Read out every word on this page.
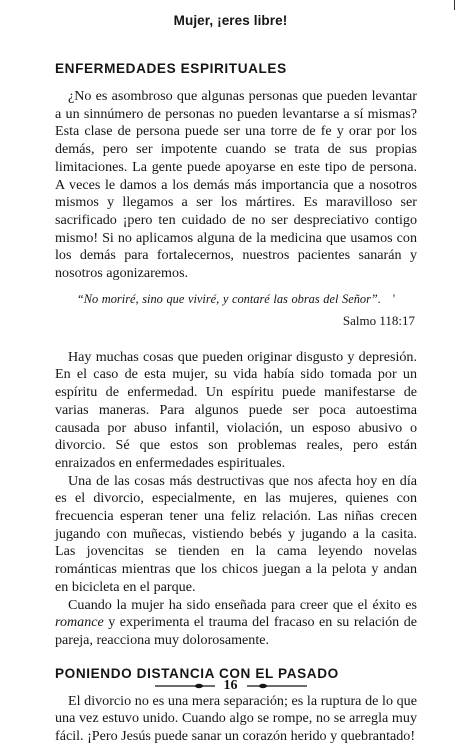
Mujer, ¡eres libre!
ENFERMEDADES ESPIRITUALES

¿No es asombroso que algunas personas que pueden levantar a un sinnúmero de personas no pueden levantarse a sí mismas? Esta clase de persona puede ser una torre de fe y orar por los demás, pero ser impotente cuando se trata de sus propias limitaciones. La gente puede apoyarse en este tipo de persona. A veces le damos a los demás más importancia que a nosotros mismos y llegamos a ser los mártires. Es maravilloso ser sacrificado ¡pero ten cuidado de no ser despreciativo contigo mismo! Si no aplicamos alguna de la medicina que usamos con los demás para fortalecernos, nuestros pacientes sanarán y nosotros agonizaremos.

“No moriré, sino que viviré, y contaré las obras del Señor”. '
Salmo 118:17

Hay muchas cosas que pueden originar disgusto y depresión. En el caso de esta mujer, su vida había sido tomada por un espíritu de enfermedad. Un espíritu puede manifestarse de varias maneras. Para algunos puede ser poca autoestima causada por abuso infantil, violación, un esposo abusivo o divorcio. Sé que estos son problemas reales, pero están enraizados en enfermedades espirituales.

Una de las cosas más destructivas que nos afecta hoy en día es el divorcio, especialmente, en las mujeres, quienes con frecuencia esperan tener una feliz relación. Las niñas crecen jugando con muñecas, vistiendo bebés y jugando a la casita. Las jovencitas se tienden en la cama leyendo novelas románticas mientras que los chicos juegan a la pelota y andan en bicicleta en el parque.

Cuando la mujer ha sido enseñada para creer que el éxito es romance y experimenta el trauma del fracaso en su relación de pareja, reacciona muy dolorosamente.

PONIENDO DISTANCIA CON EL PASADO

El divorcio no es una mera separación; es la ruptura de lo que una vez estuvo unido. Cuando algo se rompe, no se arregla muy fácil. ¡Pero Jesús puede sanar un corazón herido y quebrantado!

16
